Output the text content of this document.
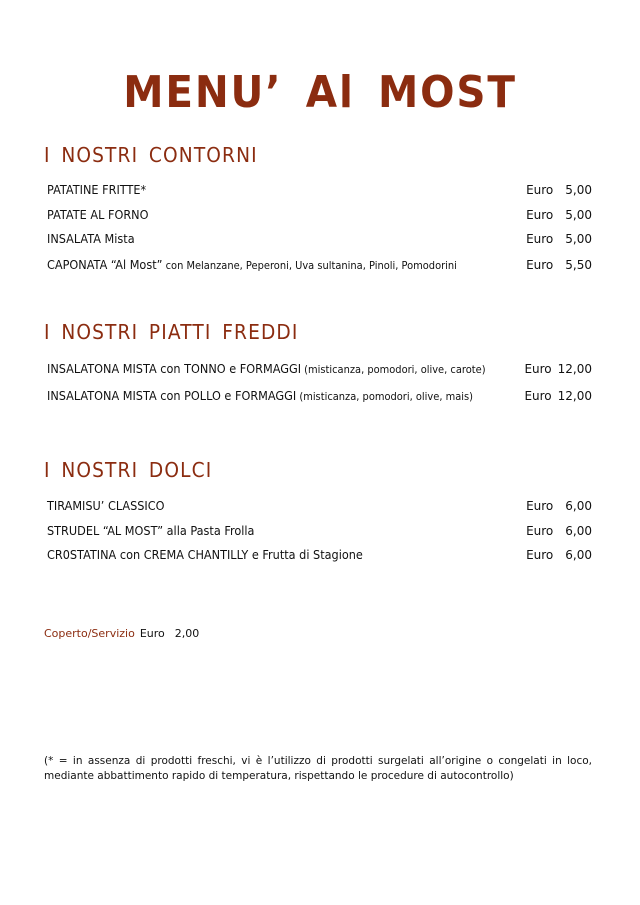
MENU’ Al MOST
I NOSTRI CONTORNI
PATATINE FRITTE*	Euro 5,00
PATATE AL FORNO	Euro 5,00
INSALATA Mista	Euro 5,00
CAPONATA “Al Most” con Melanzane, Peperoni, Uva sultanina, Pinoli, Pomodorini	Euro 5,50
I NOSTRI PIATTI FREDDI
INSALATONA MISTA con TONNO e FORMAGGI (misticanza, pomodori, olive, carote)	Euro 12,00
INSALATONA MISTA con POLLO e FORMAGGI (misticanza, pomodori, olive, mais)	Euro 12,00
I NOSTRI DOLCI
TIRAMISU’ CLASSICO	Euro 6,00
STRUDEL “AL MOST” alla Pasta Frolla	Euro 6,00
CR0STATINA con CREMA CHANTILLY e Frutta di Stagione	Euro 6,00
Coperto/Servizio Euro 2,00

(* = in assenza di prodotti freschi, vi è l’utilizzo di prodotti surgelati all’origine o congelati in loco, mediante abbattimento rapido di temperatura, rispettando le procedure di autocontrollo)
